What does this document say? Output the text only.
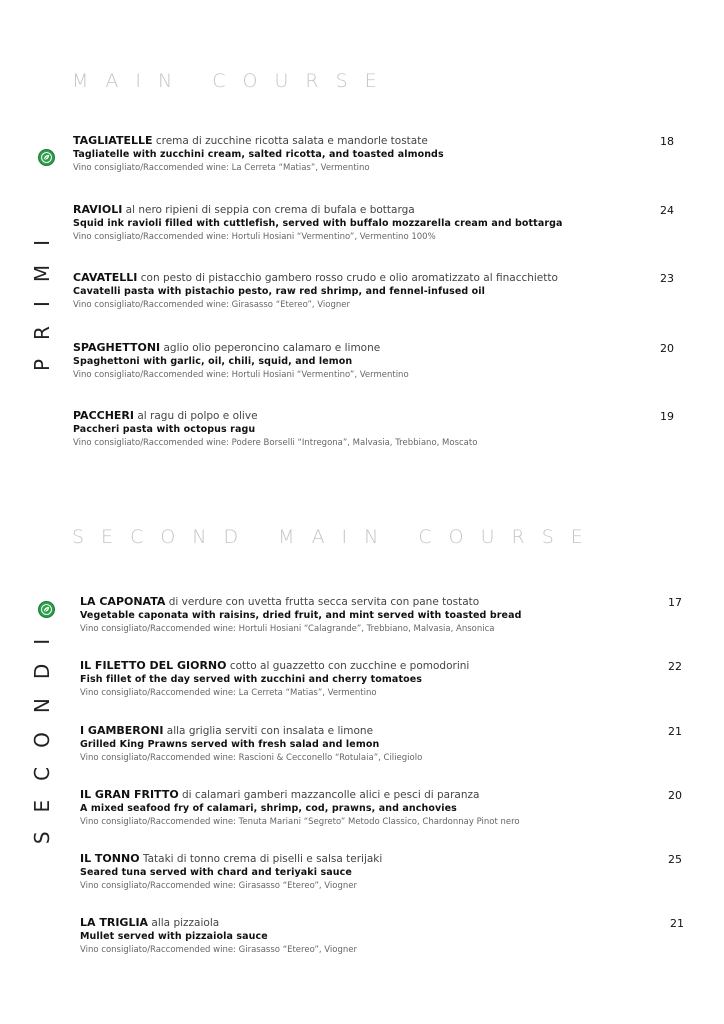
MAIN COURSE
PRIMI
TAGLIATELLE crema di zucchine ricotta salata e mandorle tostate
Tagliatelle with zucchini cream, salted ricotta, and toasted almonds
Vino consigliato/Raccomended wine: La Cerreta “Matias”, Vermentino
18
RAVIOLI al nero ripieni di seppia con crema di bufala e bottarga
Squid ink ravioli filled with cuttlefish, served with buffalo mozzarella cream and bottarga
Vino consigliato/Raccomended wine: Hortuli Hosiani “Vermentino”, Vermentino 100%
24
CAVATELLI con pesto di pistacchio gambero rosso crudo e olio aromatizzato al finacchietto
Cavatelli pasta with pistachio pesto, raw red shrimp, and fennel-infused oil
Vino consigliato/Raccomended wine: Girasasso “Etereo”, Viogner
23
SPAGHETTONI aglio olio peperoncino calamaro e limone
Spaghettoni with garlic, oil, chili, squid, and lemon
Vino consigliato/Raccomended wine: Hortuli Hosiani “Vermentino”, Vermentino
20
PACCHERI al ragu di polpo e olive
Paccheri pasta with octopus ragu
Vino consigliato/Raccomended wine: Podere Borselli “Intregona”, Malvasia, Trebbiano, Moscato
19
SECOND MAIN COURSE
SECONDI
LA CAPONATA di verdure con uvetta frutta secca servita con pane tostato
Vegetable caponata with raisins, dried fruit, and mint served with toasted bread
Vino consigliato/Raccomended wine: Hortuli Hosiani “Calagrande”, Trebbiano, Malvasia, Ansonica
17
IL FILETTO DEL GIORNO cotto al guazzetto con zucchine e pomodorini
Fish fillet of the day served with zucchini and cherry tomatoes
Vino consigliato/Raccomended wine: La Cerreta “Matias”, Vermentino
22
I GAMBERONI alla griglia serviti con insalata e limone
Grilled King Prawns served with fresh salad and lemon
Vino consigliato/Raccomended wine: Rascioni & Cecconello “Rotulaia”, Ciliegiolo
21
IL GRAN FRITTO di calamari gamberi mazzancolle alici e pesci di paranza
A mixed seafood fry of calamari, shrimp, cod, prawns, and anchovies
Vino consigliato/Raccomended wine: Tenuta Mariani “Segreto” Metodo Classico, Chardonnay Pinot nero
20
IL TONNO Tataki di tonno crema di piselli e salsa terijaki
Seared tuna served with chard and teriyaki sauce
Vino consigliato/Raccomended wine: Girasasso “Etereo”, Viogner
25
LA TRIGLIA alla pizzaiola
Mullet served with pizzaiola sauce
Vino consigliato/Raccomended wine: Girasasso “Etereo”, Viogner
21
